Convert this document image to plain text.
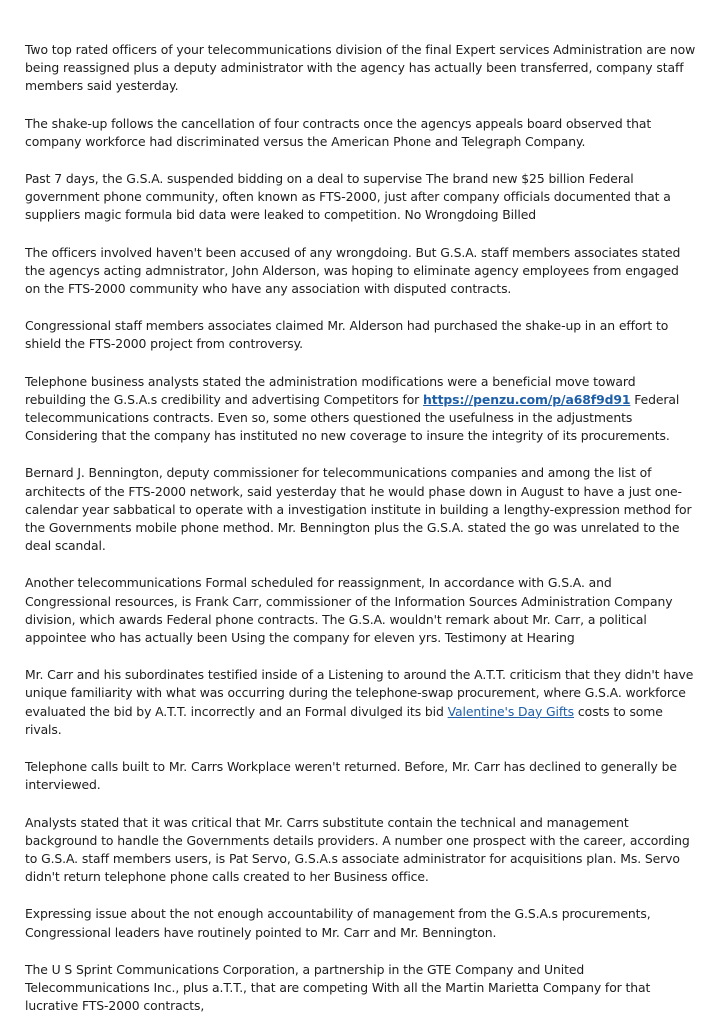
Two top rated officers of your telecommunications division of the final Expert services Administration are now being reassigned plus a deputy administrator with the agency has actually been transferred, company staff members said yesterday.

The shake-up follows the cancellation of four contracts once the agencys appeals board observed that company workforce had discriminated versus the American Phone and Telegraph Company.

Past 7 days, the G.S.A. suspended bidding on a deal to supervise The brand new $25 billion Federal government phone community, often known as FTS-2000, just after company officials documented that a suppliers magic formula bid data were leaked to competition. No Wrongdoing Billed

The officers involved haven't been accused of any wrongdoing. But G.S.A. staff members associates stated the agencys acting admnistrator, John Alderson, was hoping to eliminate agency employees from engaged on the FTS-2000 community who have any association with disputed contracts.

Congressional staff members associates claimed Mr. Alderson had purchased the shake-up in an effort to shield the FTS-2000 project from controversy.

Telephone business analysts stated the administration modifications were a beneficial move toward rebuilding the G.S.A.s credibility and advertising Competitors for https://penzu.com/p/a68f9d91 Federal telecommunications contracts. Even so, some others questioned the usefulness in the adjustments Considering that the company has instituted no new coverage to insure the integrity of its procurements.

Bernard J. Bennington, deputy commissioner for telecommunications companies and among the list of architects of the FTS-2000 network, said yesterday that he would phase down in August to have a just one-calendar year sabbatical to operate with a investigation institute in building a lengthy-expression method for the Governments mobile phone method. Mr. Bennington plus the G.S.A. stated the go was unrelated to the deal scandal.

Another telecommunications Formal scheduled for reassignment, In accordance with G.S.A. and Congressional resources, is Frank Carr, commissioner of the Information Sources Administration Company division, which awards Federal phone contracts. The G.S.A. wouldn't remark about Mr. Carr, a political appointee who has actually been Using the company for eleven yrs. Testimony at Hearing

Mr. Carr and his subordinates testified inside of a Listening to around the A.T.T. criticism that they didn't have unique familiarity with what was occurring during the telephone-swap procurement, where G.S.A. workforce evaluated the bid by A.T.T. incorrectly and an Formal divulged its bid Valentine's Day Gifts costs to some rivals.

Telephone calls built to Mr. Carrs Workplace weren't returned. Before, Mr. Carr has declined to generally be interviewed.

Analysts stated that it was critical that Mr. Carrs substitute contain the technical and management background to handle the Governments details providers. A number one prospect with the career, according to G.S.A. staff members users, is Pat Servo, G.S.A.s associate administrator for acquisitions plan. Ms. Servo didn't return telephone phone calls created to her Business office.

Expressing issue about the not enough accountability of management from the G.S.A.s procurements, Congressional leaders have routinely pointed to Mr. Carr and Mr. Bennington.

The U S Sprint Communications Corporation, a partnership in the GTE Company and United Telecommunications Inc., plus a.T.T., that are competing With all the Martin Marietta Company for that lucrative FTS-2000 contracts,
